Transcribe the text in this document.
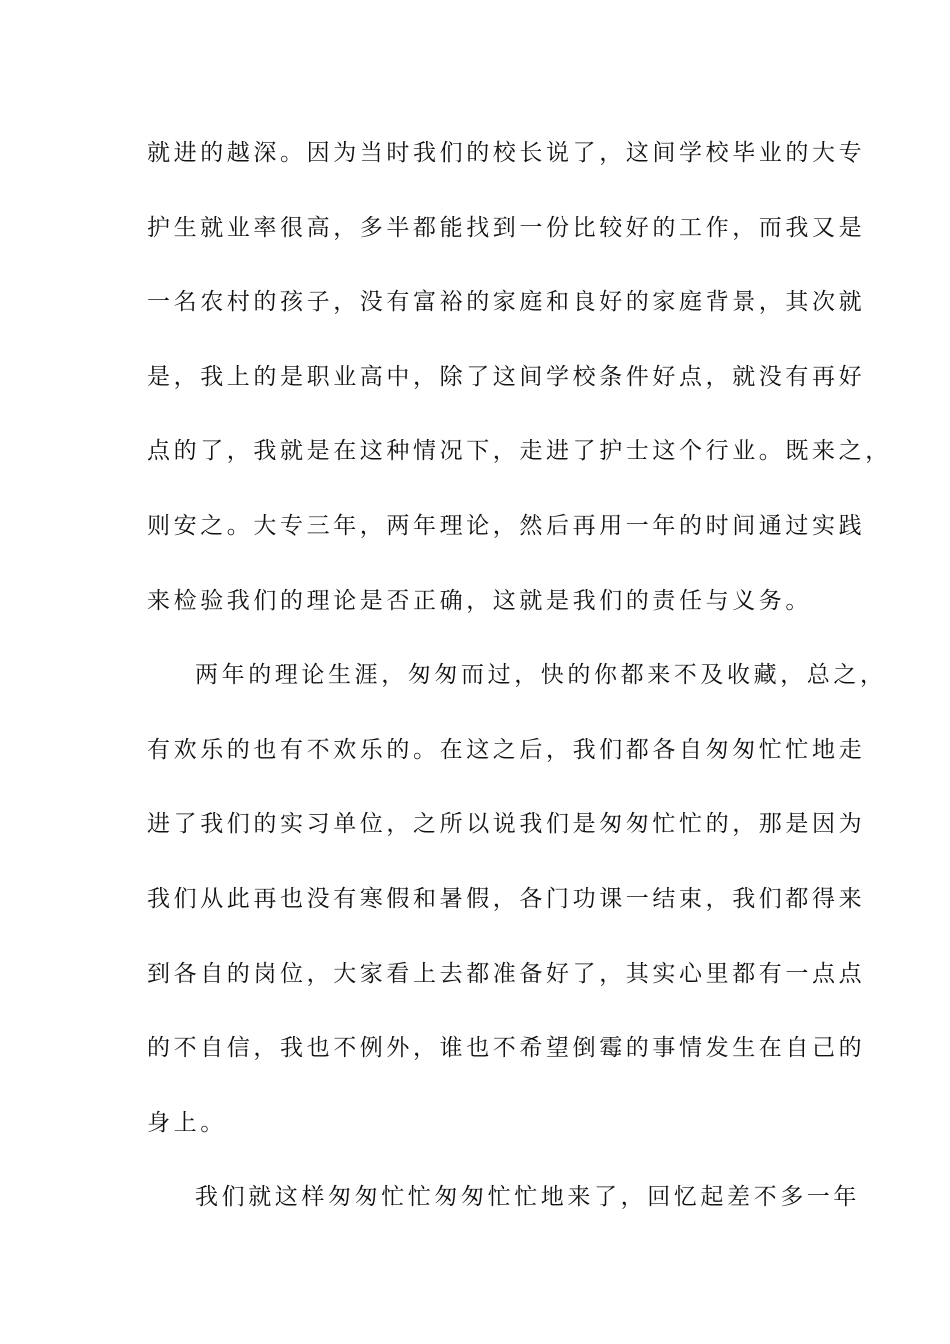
就进的越深。因为当时我们的校长说了，这间学校毕业的大专
护生就业率很高，多半都能找到一份比较好的工作，而我又是
一名农村的孩子，没有富裕的家庭和良好的家庭背景，其次就
是，我上的是职业高中，除了这间学校条件好点，就没有再好
点的了，我就是在这种情况下，走进了护士这个行业。既来之，
则安之。大专三年，两年理论，然后再用一年的时间通过实践
来检验我们的理论是否正确，这就是我们的责任与义务。
两年的理论生涯，匆匆而过，快的你都来不及收藏，总之，
有欢乐的也有不欢乐的。在这之后，我们都各自匆匆忙忙地走
进了我们的实习单位，之所以说我们是匆匆忙忙的，那是因为
我们从此再也没有寒假和暑假，各门功课一结束，我们都得来
到各自的岗位，大家看上去都准备好了，其实心里都有一点点
的不自信，我也不例外，谁也不希望倒霉的事情发生在自己的
身上。
我们就这样匆匆忙忙匆匆忙忙地来了，回忆起差不多一年
